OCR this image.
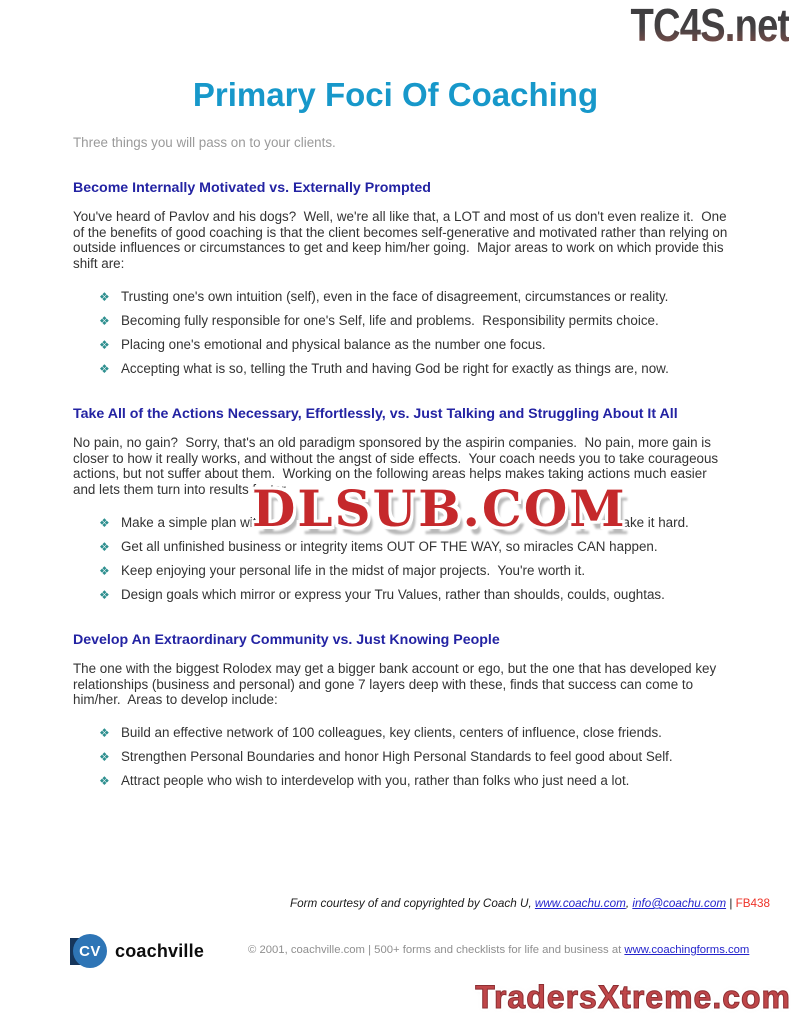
TC4S.net
Primary Foci Of Coaching
Three things you will pass on to your clients.
Become Internally Motivated vs. Externally Prompted
You've heard of Pavlov and his dogs?  Well, we're all like that, a LOT and most of us don't even realize it.  One of the benefits of good coaching is that the client becomes self-generative and motivated rather than relying on outside influences or circumstances to get and keep him/her going.  Major areas to work on which provide this shift are:
❖ Trusting one's own intuition (self), even in the face of disagreement, circumstances or reality.
❖ Becoming fully responsible for one's Self, life and problems.  Responsibility permits choice.
❖ Placing one's emotional and physical balance as the number one focus.
❖ Accepting what is so, telling the Truth and having God be right for exactly as things are, now.
Take All of the Actions Necessary, Effortlessly, vs. Just Talking and Struggling About It All
No pain, no gain?  Sorry, that's an old paradigm sponsored by the aspirin companies.  No pain, more gain is closer to how it really works, and without the angst of side effects.  Your coach needs you to take courageous actions, but not suffer about them.  Working on the following areas helps makes taking actions much easier and lets them turn into results faster.
❖ Make a simple plan with	t make it hard.
❖ Get all unfinished business or integrity items OUT OF THE WAY, so miracles CAN happen.
❖ Keep enjoying your personal life in the midst of major projects.  You're worth it.
❖ Design goals which mirror or express your Tru Values, rather than shoulds, coulds, oughtas.
DLSUB.COM
Develop An Extraordinary Community vs. Just Knowing People
The one with the biggest Rolodex may get a bigger bank account or ego, but the one that has developed key relationships (business and personal) and gone 7 layers deep with these, finds that success can come to him/her.  Areas to develop include:
❖ Build an effective network of 100 colleagues, key clients, centers of influence, close friends.
❖ Strengthen Personal Boundaries and honor High Personal Standards to feel good about Self.
❖ Attract people who wish to interdevelop with you, rather than folks who just need a lot.
Form courtesy of and copyrighted by Coach U, www.coachu.com, info@coachu.com | FB438
CV coachville	© 2001, coachville.com | 500+ forms and checklists for life and business at www.coachingforms.com
TradersXtreme.com
